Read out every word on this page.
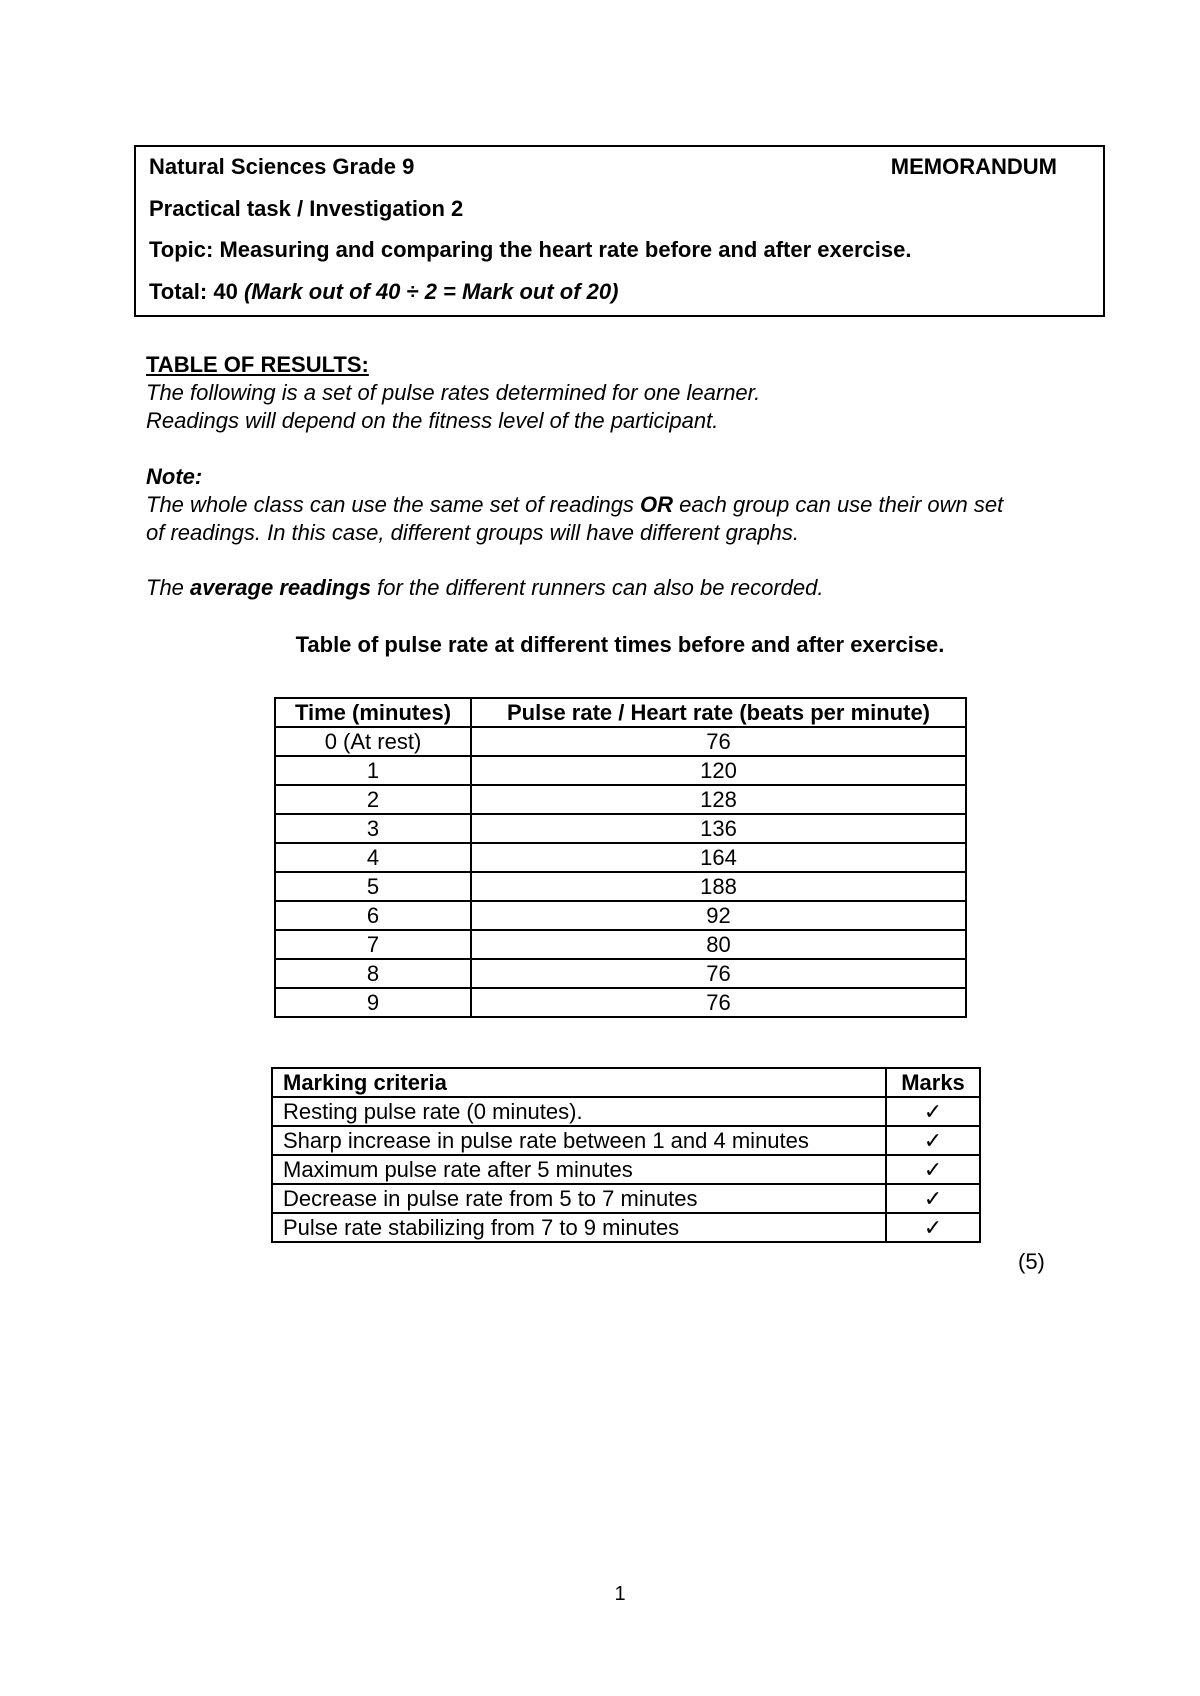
Natural Sciences Grade 9	MEMORANDUM
Practical task / Investigation 2
Topic: Measuring and comparing the heart rate before and after exercise.
Total: 40 (Mark out of 40 ÷ 2 = Mark out of 20)
TABLE OF RESULTS:
The following is a set of pulse rates determined for one learner.
Readings will depend on the fitness level of the participant.
Note:
The whole class can use the same set of readings OR each group can use their own set
of readings. In this case, different groups will have different graphs.
The average readings for the different runners can also be recorded.
Table of pulse rate at different times before and after exercise.
Time (minutes)	Pulse rate / Heart rate (beats per minute)
0 (At rest)	76
1	120
2	128
3	136
4	164
5	188
6	92
7	80
8	76
9	76
Marking criteria	Marks
Resting pulse rate (0 minutes).	✓
Sharp increase in pulse rate between 1 and 4 minutes	✓
Maximum pulse rate after 5 minutes	✓
Decrease in pulse rate from 5 to 7 minutes	✓
Pulse rate stabilizing from 7 to 9 minutes	✓
(5)
1
